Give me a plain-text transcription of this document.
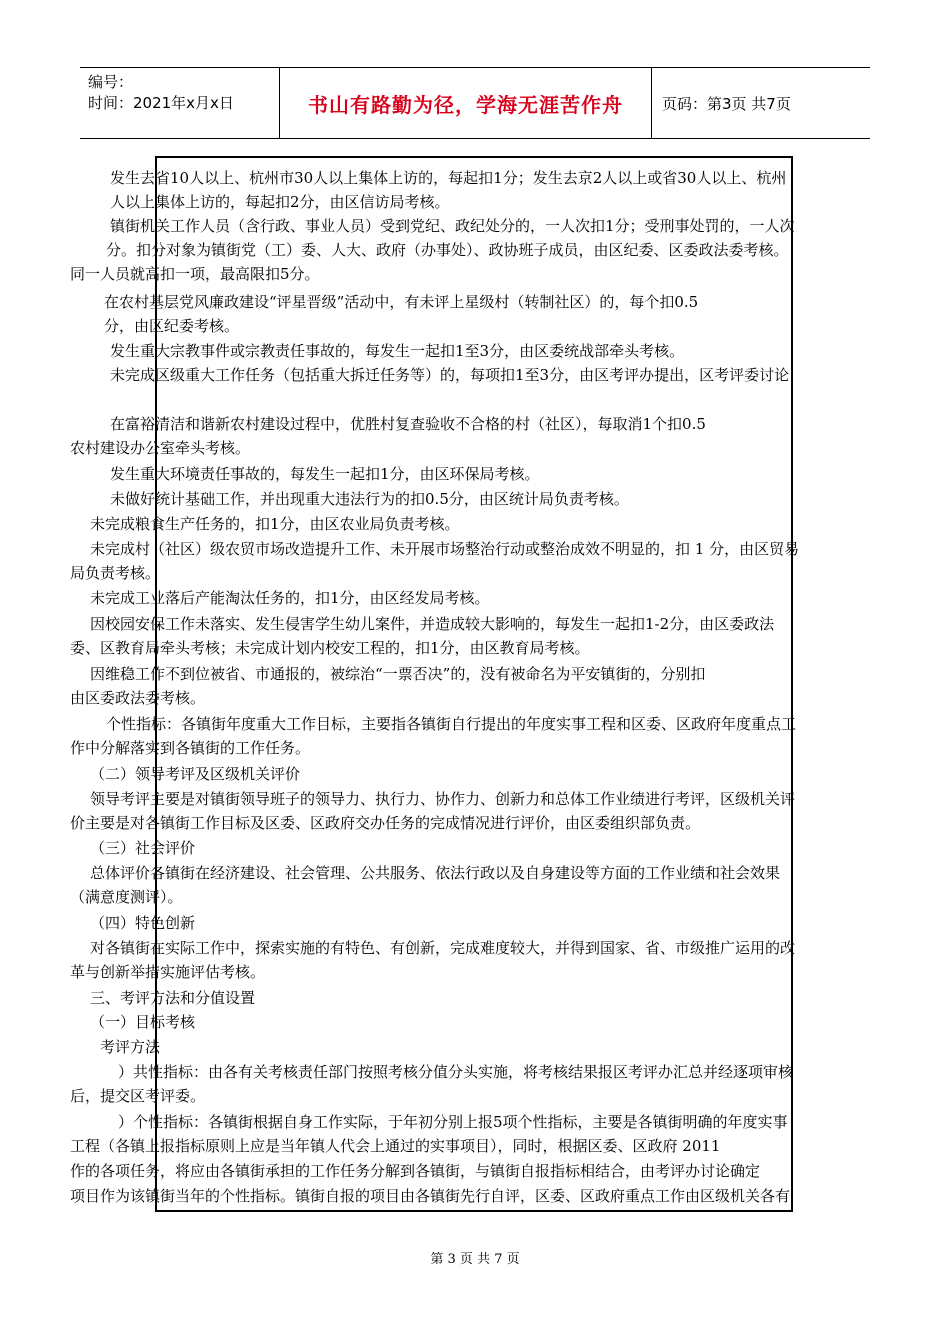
编号：
时间：2021年x月x日	书山有路勤为径，学海无涯苦作舟	页码：第3页 共7页

发生去省10人以上、杭州市30人以上集体上访的，每起扣1分；发生去京2人以上或省30人以上、杭州

人以上集体上访的，每起扣2分，由区信访局考核。

镇街机关工作人员（含行政、事业人员）受到党纪、政纪处分的，一人次扣1分；受刑事处罚的，一人次

分。扣分对象为镇街党（工）委、人大、政府（办事处）、政协班子成员，由区纪委、区委政法委考核。

同一人员就高扣一项，最高限扣5分。

在农村基层党风廉政建设“评星晋级”活动中，有未评上星级村（转制社区）的，每个扣0.5

分，由区纪委考核。

发生重大宗教事件或宗教责任事故的，每发生一起扣1至3分，由区委统战部牵头考核。

未完成区级重大工作任务（包括重大拆迁任务等）的，每项扣1至3分，由区考评办提出，区考评委讨论

在富裕清洁和谐新农村建设过程中，优胜村复查验收不合格的村（社区），每取消1个扣0.5

农村建设办公室牵头考核。

发生重大环境责任事故的，每发生一起扣1分，由区环保局考核。

未做好统计基础工作，并出现重大违法行为的扣0.5分，由区统计局负责考核。

未完成粮食生产任务的，扣1分，由区农业局负责考核。

未完成村（社区）级农贸市场改造提升工作、未开展市场整治行动或整治成效不明显的，扣 1 分，由区贸易

局负责考核。

未完成工业落后产能淘汰任务的，扣1分，由区经发局考核。

因校园安保工作未落实、发生侵害学生幼儿案件，并造成较大影响的，每发生一起扣1-2分，由区委政法

委、区教育局牵头考核；未完成计划内校安工程的，扣1分，由区教育局考核。

因维稳工作不到位被省、市通报的，被综治“一票否决”的，没有被命名为平安镇街的，分别扣

由区委政法委考核。

个性指标：各镇街年度重大工作目标，主要指各镇街自行提出的年度实事工程和区委、区政府年度重点工

作中分解落实到各镇街的工作任务。

（二）领导考评及区级机关评价

领导考评主要是对镇街领导班子的领导力、执行力、协作力、创新力和总体工作业绩进行考评，区级机关评

价主要是对各镇街工作目标及区委、区政府交办任务的完成情况进行评价，由区委组织部负责。

（三）社会评价

总体评价各镇街在经济建设、社会管理、公共服务、依法行政以及自身建设等方面的工作业绩和社会效果

（满意度测评）。

（四）特色创新

对各镇街在实际工作中，探索实施的有特色、有创新，完成难度较大，并得到国家、省、市级推广运用的改

革与创新举措实施评估考核。

三、考评方法和分值设置

（一）目标考核

考评方法

）共性指标：由各有关考核责任部门按照考核分值分头实施，将考核结果报区考评办汇总并经逐项审核

后，提交区考评委。

）个性指标：各镇街根据自身工作实际，于年初分别上报5项个性指标，主要是各镇街明确的年度实事

工程（各镇上报指标原则上应是当年镇人代会上通过的实事项目），同时，根据区委、区政府 2011

作的各项任务，将应由各镇街承担的工作任务分解到各镇街，与镇街自报指标相结合，由考评办讨论确定

项目作为该镇街当年的个性指标。镇街自报的项目由各镇街先行自评，区委、区政府重点工作由区级机关各有

第 3 页 共 7 页
